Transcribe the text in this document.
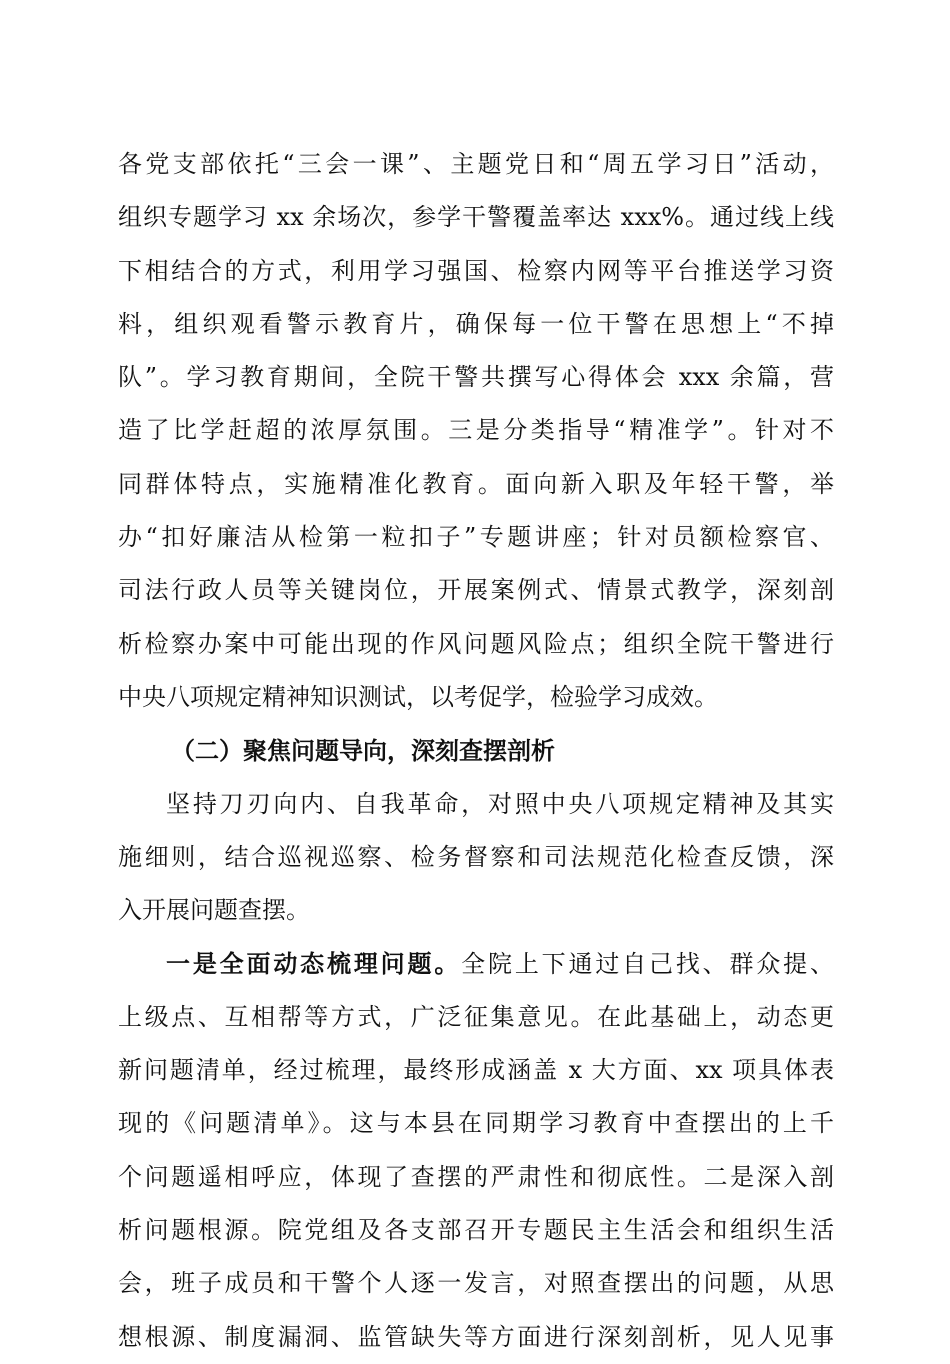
各党支部依托“三会一课”、主题党日和“周五学习日”活动，
组织专题学习 xx 余场次，参学干警覆盖率达 xxx%。通过线上线
下相结合的方式，利用学习强国、检察内网等平台推送学习资
料，组织观看警示教育片，确保每一位干警在思想上“不掉
队”。学习教育期间，全院干警共撰写心得体会 xxx 余篇，营
造了比学赶超的浓厚氛围。三是分类指导“精准学”。针对不
同群体特点，实施精准化教育。面向新入职及年轻干警，举
办“扣好廉洁从检第一粒扣子”专题讲座；针对员额检察官、
司法行政人员等关键岗位，开展案例式、情景式教学，深刻剖
析检察办案中可能出现的作风问题风险点；组织全院干警进行
中央八项规定精神知识测试，以考促学，检验学习成效。
（二）聚焦问题导向，深刻查摆剖析
坚持刀刃向内、自我革命，对照中央八项规定精神及其实
施细则，结合巡视巡察、检务督察和司法规范化检查反馈，深
入开展问题查摆。
一是全面动态梳理问题。全院上下通过自己找、群众提、
上级点、互相帮等方式，广泛征集意见。在此基础上，动态更
新问题清单，经过梳理，最终形成涵盖 x 大方面、xx 项具体表
现的《问题清单》。这与本县在同期学习教育中查摆出的上千
个问题遥相呼应，体现了查摆的严肃性和彻底性。二是深入剖
析问题根源。院党组及各支部召开专题民主生活会和组织生活
会，班子成员和干警个人逐一发言，对照查摆出的问题，从思
想根源、制度漏洞、监管缺失等方面进行深刻剖析，见人见事
